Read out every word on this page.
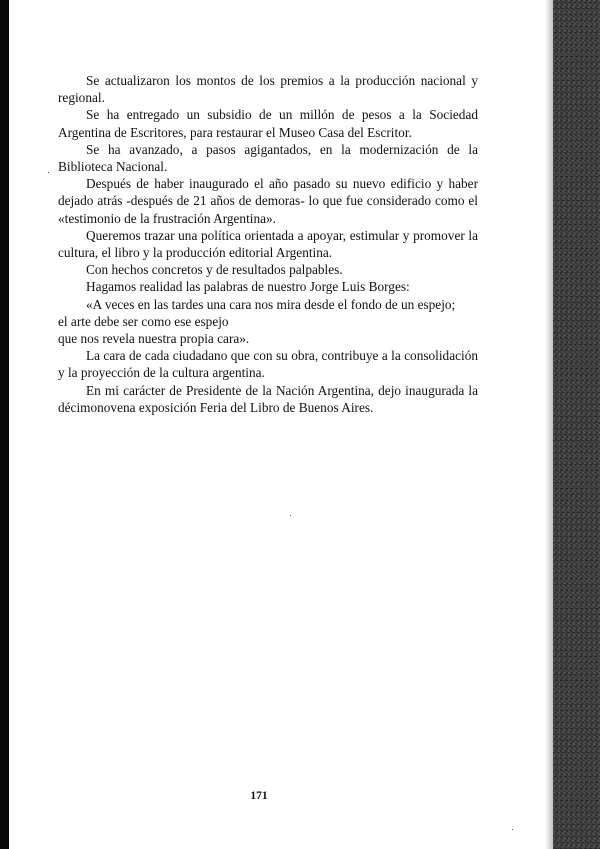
Se actualizaron los montos de los premios a la producción nacional y regional.

Se ha entregado un subsidio de un millón de pesos a la Sociedad Argentina de Escritores, para restaurar el Museo Casa del Escritor.

Se ha avanzado, a pasos agigantados, en la modernización de la Biblioteca Nacional.

Después de haber inaugurado el año pasado su nuevo edificio y haber dejado atrás -después de 21 años de demoras- lo que fue considerado como el «testimonio de la frustración Argentina».

Queremos trazar una política orientada a apoyar, estimular y promover la cultura, el libro y la producción editorial Argentina.

Con hechos concretos y de resultados palpables.

Hagamos realidad las palabras de nuestro Jorge Luis Borges:

«A veces en las tardes una cara nos mira desde el fondo de un espejo;

el arte debe ser como ese espejo

que nos revela nuestra propia cara».

La cara de cada ciudadano que con su obra, contribuye a la consolidación y la proyección de la cultura argentina.

En mi carácter de Presidente de la Nación Argentina, dejo inaugurada la décimonovena exposición Feria del Libro de Buenos Aires.

171
